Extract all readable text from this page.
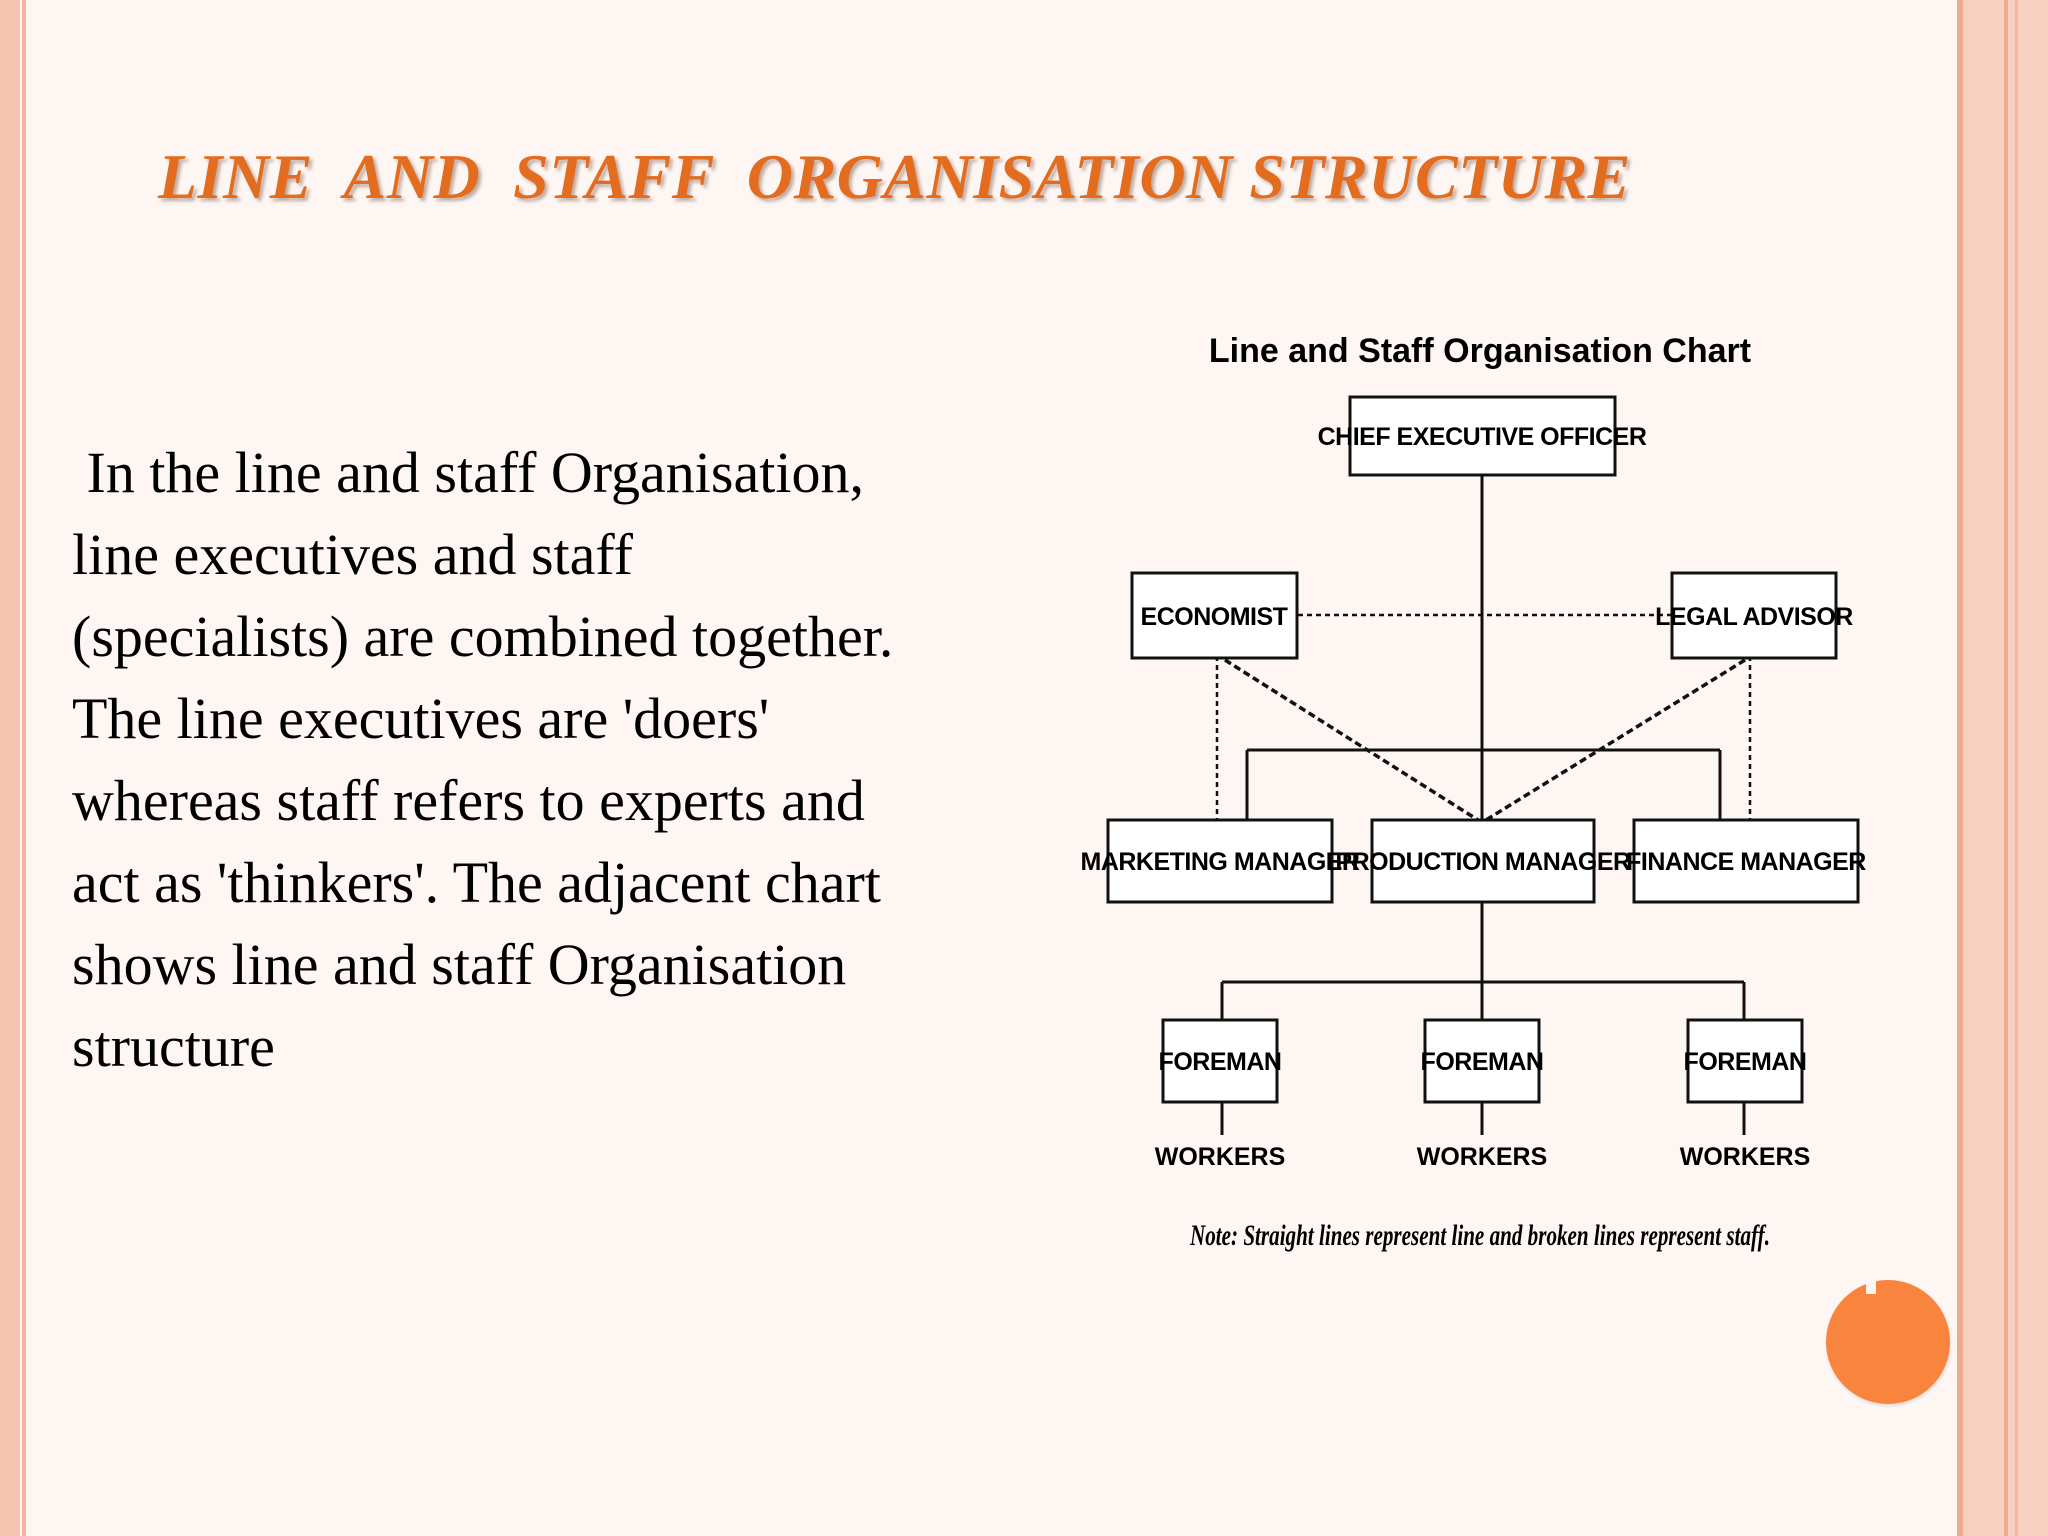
LINE  AND  STAFF  ORGANISATION STRUCTURE
In the line and staff Organisation,
line executives and staff
(specialists) are combined together.
The line executives are 'doers'
whereas staff refers to experts and
act as 'thinkers'. The adjacent chart
shows line and staff Organisation
structure
Line and Staff Organisation Chart
CHIEF EXECUTIVE OFFICER
ECONOMIST	LEGAL ADVISOR
MARKETING MANAGER
PRODUCTION MANAGER
FINANCE MANAGER
FOREMAN	FOREMAN	FOREMAN
WORKERS	WORKERS	WORKERS
Note: Straight lines represent line and broken lines represent staff.
